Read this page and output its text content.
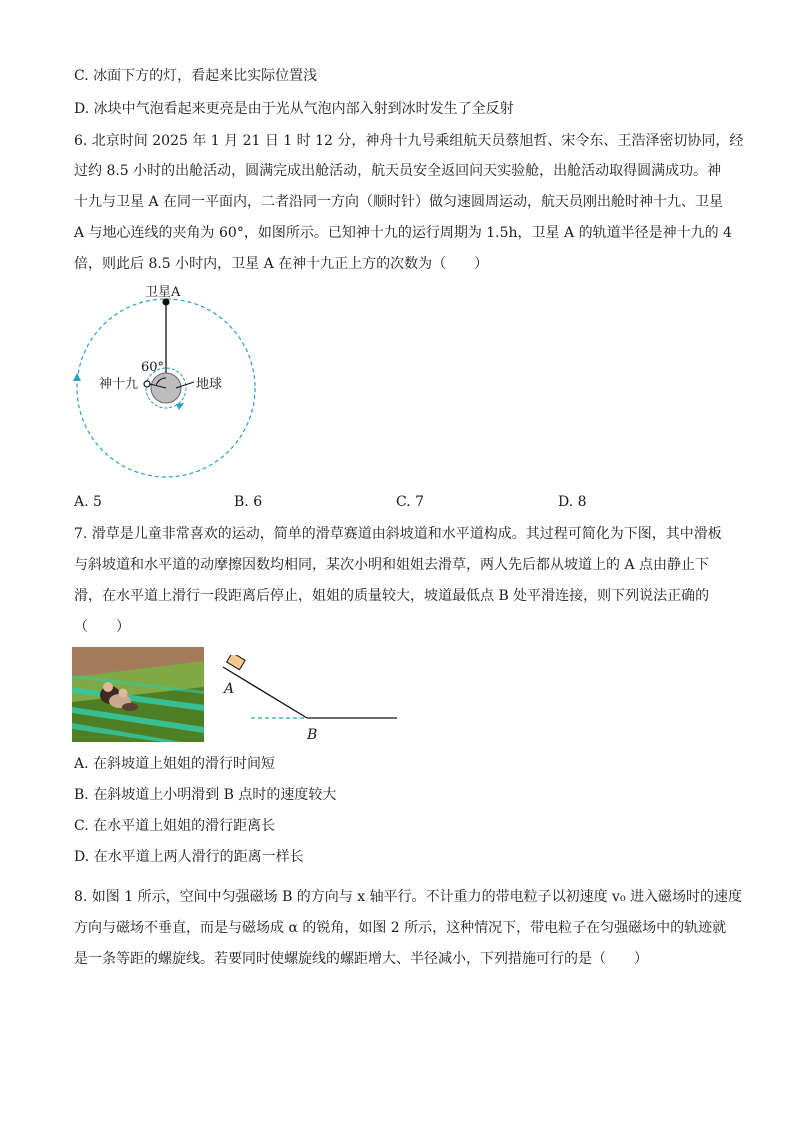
C. 冰面下方的灯，看起来比实际位置浅
D. 冰块中气泡看起来更亮是由于光从气泡内部入射到冰时发生了全反射
6. 北京时间 2025 年 1 月 21 日 1 时 12 分，神舟十九号乘组航天员蔡旭哲、宋令东、王浩泽密切协同，经
过约 8.5 小时的出舱活动，圆满完成出舱活动，航天员安全返回问天实验舱，出舱活动取得圆满成功。神
十九与卫星 A 在同一平面内，二者沿同一方向（顺时针）做匀速圆周运动，航天员刚出舱时神十九、卫星
A 与地心连线的夹角为 60°，如图所示。已知神十九的运行周期为 1.5h，卫星 A 的轨道半径是神十九的 4
倍，则此后 8.5 小时内，卫星 A 在神十九正上方的次数为（　　）
卫星A
60°
神十九	地球
A. 5	B. 6	C. 7	D. 8
7. 滑草是儿童非常喜欢的运动，简单的滑草赛道由斜坡道和水平道构成。其过程可简化为下图，其中滑板
与斜坡道和水平道的动摩擦因数均相同，某次小明和姐姐去滑草，两人先后都从坡道上的 A 点由静止下
滑，在水平道上滑行一段距离后停止，姐姐的质量较大，坡道最低点 B 处平滑连接，则下列说法正确的
（　　）
A
B
A. 在斜坡道上姐姐的滑行时间短
B. 在斜坡道上小明滑到 B 点时的速度较大
C. 在水平道上姐姐的滑行距离长
D. 在水平道上两人滑行的距离一样长
8. 如图 1 所示，空间中匀强磁场 B 的方向与 x 轴平行。不计重力的带电粒子以初速度 v₀ 进入磁场时的速度
方向与磁场不垂直，而是与磁场成 α 的锐角，如图 2 所示，这种情况下，带电粒子在匀强磁场中的轨迹就
是一条等距的螺旋线。若要同时使螺旋线的螺距增大、半径减小，下列措施可行的是（　　）
